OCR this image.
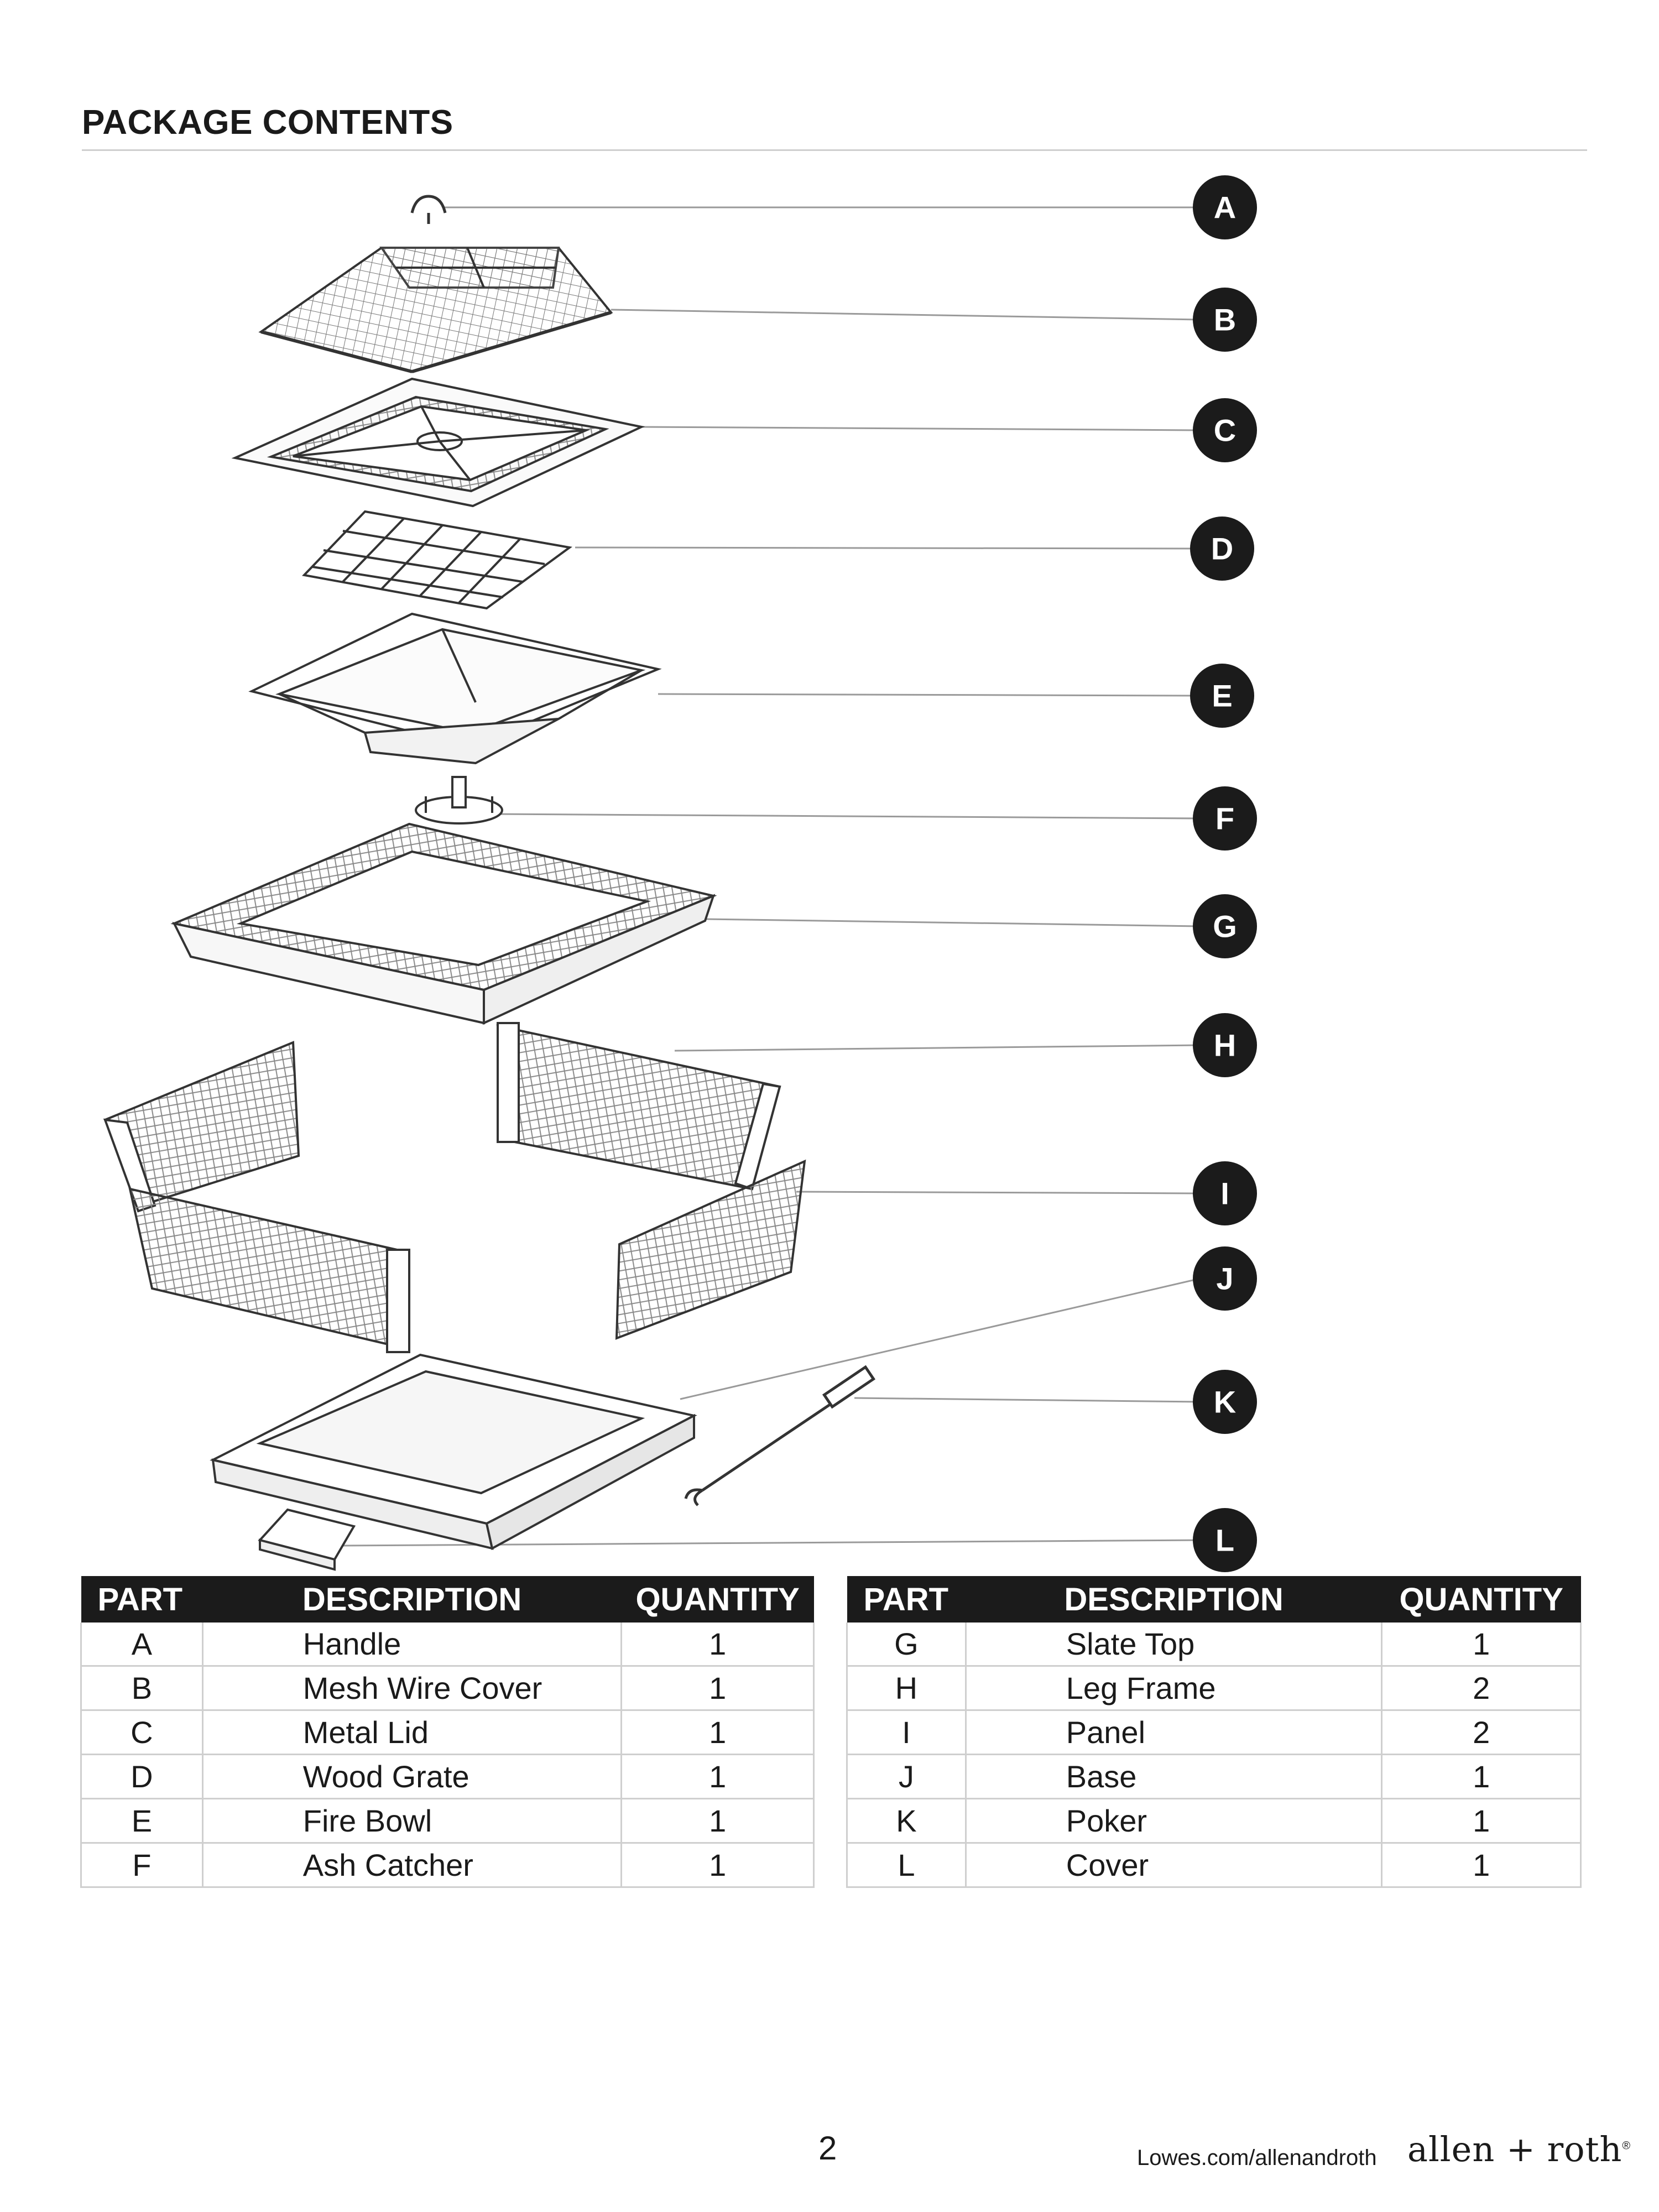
PACKAGE CONTENTS
A
B
C
D
E
F
G
H
I
J
K
L
PART	DESCRIPTION	QUANTITY
A	Handle	1
B	Mesh Wire Cover	1
C	Metal Lid	1
D	Wood Grate	1
E	Fire Bowl	1
F	Ash Catcher	1
PART	DESCRIPTION	QUANTITY
G	Slate Top	1
H	Leg Frame	2
I	Panel	2
J	Base	1
K	Poker	1
L	Cover	1
2	Lowes.com/allenandroth allen + roth®
